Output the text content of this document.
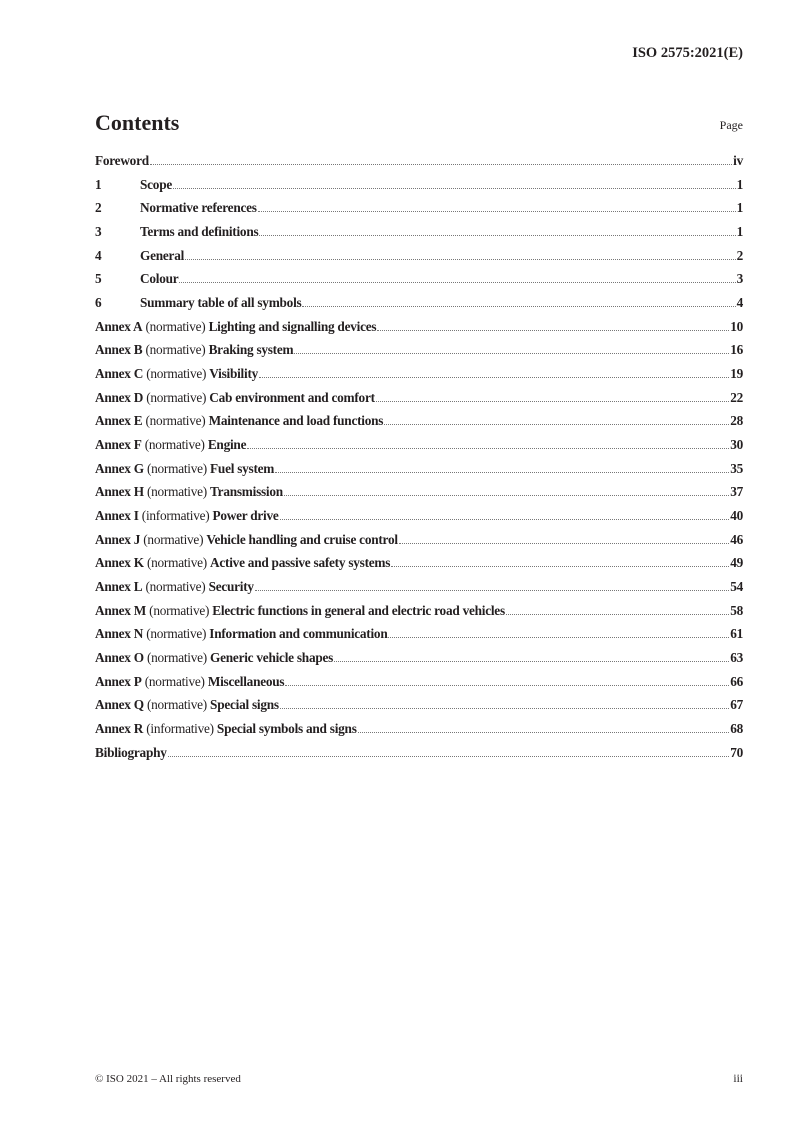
ISO 2575:2021(E)
Contents	Page
Foreword	iv
1	Scope	1
2	Normative references	1
3	Terms and definitions	1
4	General	2
5	Colour	3
6	Summary table of all symbols	4
Annex A (normative) Lighting and signalling devices	10
Annex B (normative) Braking system	16
Annex C (normative) Visibility	19
Annex D (normative) Cab environment and comfort	22
Annex E (normative) Maintenance and load functions	28
Annex F (normative) Engine	30
Annex G (normative) Fuel system	35
Annex H (normative) Transmission	37
Annex I (informative) Power drive	40
Annex J (normative) Vehicle handling and cruise control	46
Annex K (normative) Active and passive safety systems	49
Annex L (normative) Security	54
Annex M (normative) Electric functions in general and electric road vehicles	58
Annex N (normative) Information and communication	61
Annex O (normative) Generic vehicle shapes	63
Annex P (normative) Miscellaneous	66
Annex Q (normative) Special signs	67
Annex R (informative) Special symbols and signs	68
Bibliography	70
© ISO 2021 – All rights reserved	iii
